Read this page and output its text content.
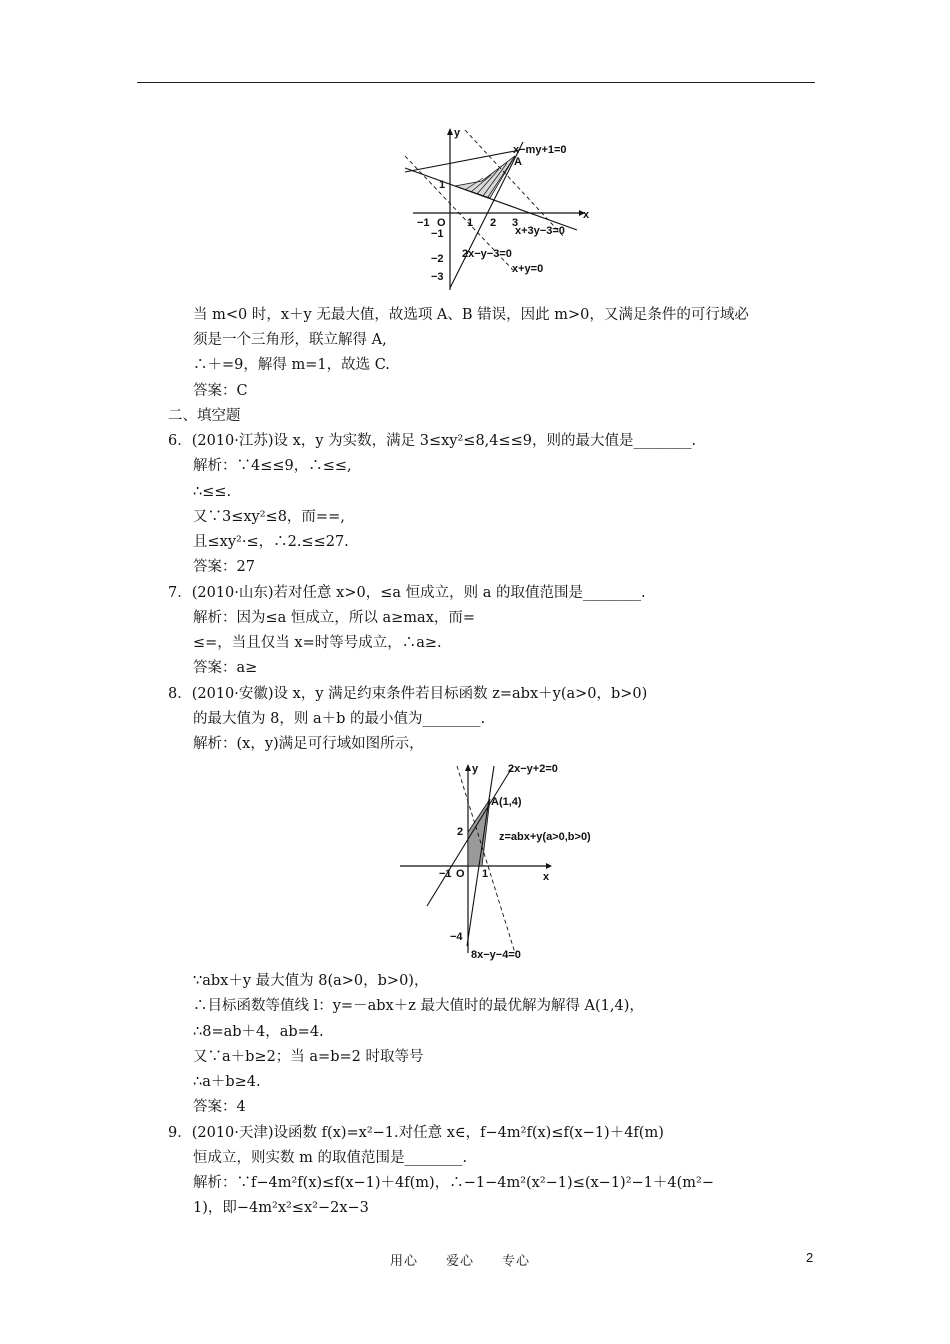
y
x
O
−1	1 2 3
1
−1
−2
−3
A
x−my+1=0
x+3y−3=0
2x−y−3=0
x+y=0
当 m<0 时，x＋y 无最大值，故选项 A、B 错误，因此 m>0，又满足条件的可行域必
须是一个三角形，联立解得 A,
∴＋=9，解得 m=1，故选 C.
答案：C
二、填空题
6．(2010·江苏)设 x，y 为实数，满足 3≤xy²≤8,4≤≤9，则的最大值是________.
解析：∵4≤≤9，∴≤≤,
∴≤≤.
又∵3≤xy²≤8，而==,
且≤xy²·≤，∴2.≤≤27.
答案：27
7．(2010·山东)若对任意 x>0，≤a 恒成立，则 a 的取值范围是________.
解析：因为≤a 恒成立，所以 a≥max，而=
≤=，当且仅当 x=时等号成立，∴a≥.
答案：a≥
8．(2010·安徽)设 x，y 满足约束条件若目标函数 z=abx＋y(a>0，b>0)
的最大值为 8，则 a＋b 的最小值为________.
解析：(x，y)满足可行域如图所示，
y
x
O
−1	1
2
−4
A(1,4)
2x−y+2=0
z=abx+y(a>0,b>0)
8x−y−4=0
∵abx＋y 最大值为 8(a>0，b>0)，
∴目标函数等值线 l：y=－abx＋z 最大值时的最优解为解得 A(1,4)，
∴8=ab＋4，ab=4.
又∵a＋b≥2；当 a=b=2 时取等号
∴a＋b≥4.
答案：4
9．(2010·天津)设函数 f(x)=x²−1.对任意 x∈，f−4m²f(x)≤f(x−1)＋4f(m)
恒成立，则实数 m 的取值范围是________.
解析：∵f−4m²f(x)≤f(x−1)＋4f(m)，∴−1−4m²(x²−1)≤(x−1)²−1＋4(m²−
1)，即−4m²x²≤x²−2x−3
用心　　爱心　　专心	2
